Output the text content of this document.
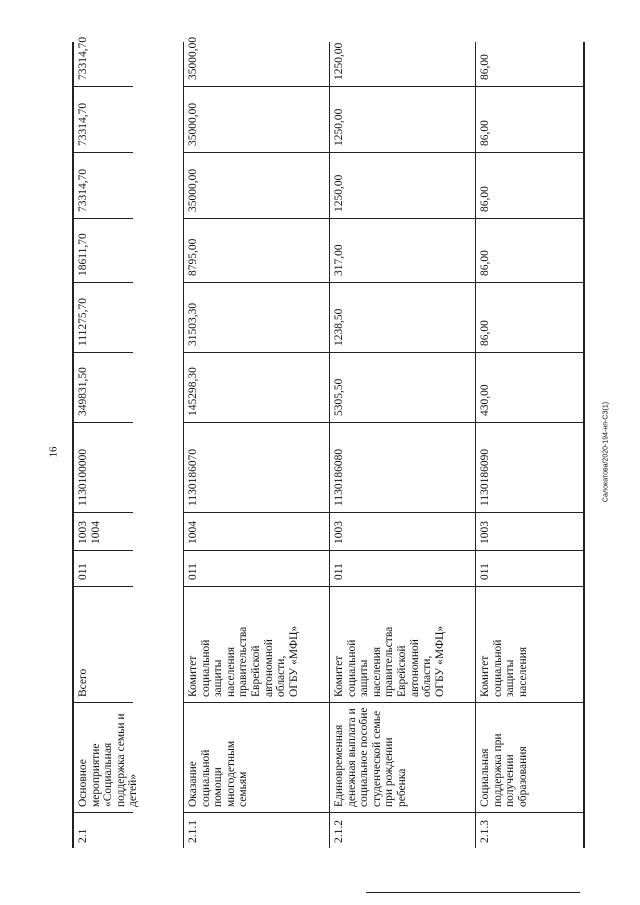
16	Салокатова/2020-194-нп-СЗ(1)
2.1
Основное
мероприятие
«Социальная
поддержка семьи и
детей»
Всего
011
1003
1004
1130100000
349831,50
111275,70
18611,70
73314,70
73314,70
73314,70
2.1.1
Оказание социальной
помощи многодетным
семьям
Комитет
социальной
защиты
населения
правительства
Еврейской
автономной
области,
ОГБУ «МФЦ»
011
1004
1130186070
145298,30
31503,30
8795,00
35000,00
35000,00
35000,00
2.1.2
Единовременная
денежная выплата и
социальное пособие
студенческой семье
при рождении
ребенка
Комитет
социальной
защиты
населения
правительства
Еврейской
автономной
области,
ОГБУ «МФЦ»
011
1003
1130186080
5305,50
1238,50
317,00
1250,00
1250,00
1250,00
2.1.3
Социальная
поддержка при
получении
образования
Комитет
социальной
защиты
населения
011
1003
1130186090
430,00
86,00
86,00
86,00
86,00
86,00
